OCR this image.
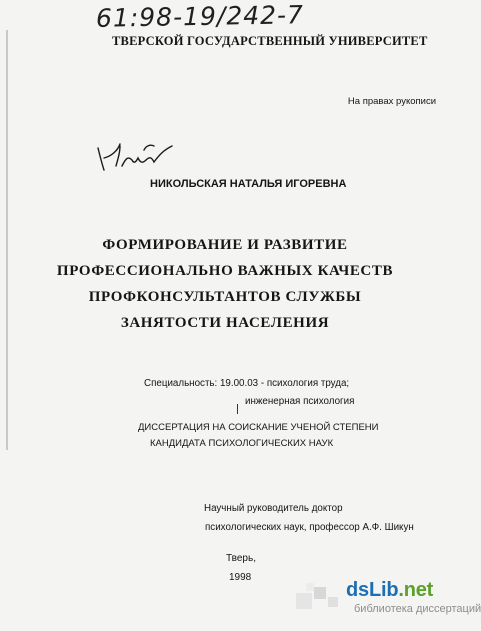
61:98-19/242-7
ТВЕРСКОЙ ГОСУДАРСТВЕННЫЙ УНИВЕРСИТЕТ
На правах рукописи
НИКОЛЬСКАЯ НАТАЛЬЯ ИГОРЕВНА
ФОРМИРОВАНИЕ И РАЗВИТИЕ
ПРОФЕССИОНАЛЬНО ВАЖНЫХ КАЧЕСТВ
ПРОФКОНСУЛЬТАНТОВ СЛУЖБЫ
ЗАНЯТОСТИ НАСЕЛЕНИЯ
Специальность: 19.00.03 - психология труда;
инженерная психология
ДИССЕРТАЦИЯ НА СОИСКАНИЕ УЧЕНОЙ СТЕПЕНИ
КАНДИДАТА ПСИХОЛОГИЧЕСКИХ НАУК
Научный руководитель доктор
психологических наук, профессор А.Ф. Шикун
Тверь,
1998
dsLib.net
библиотека диссертаций
